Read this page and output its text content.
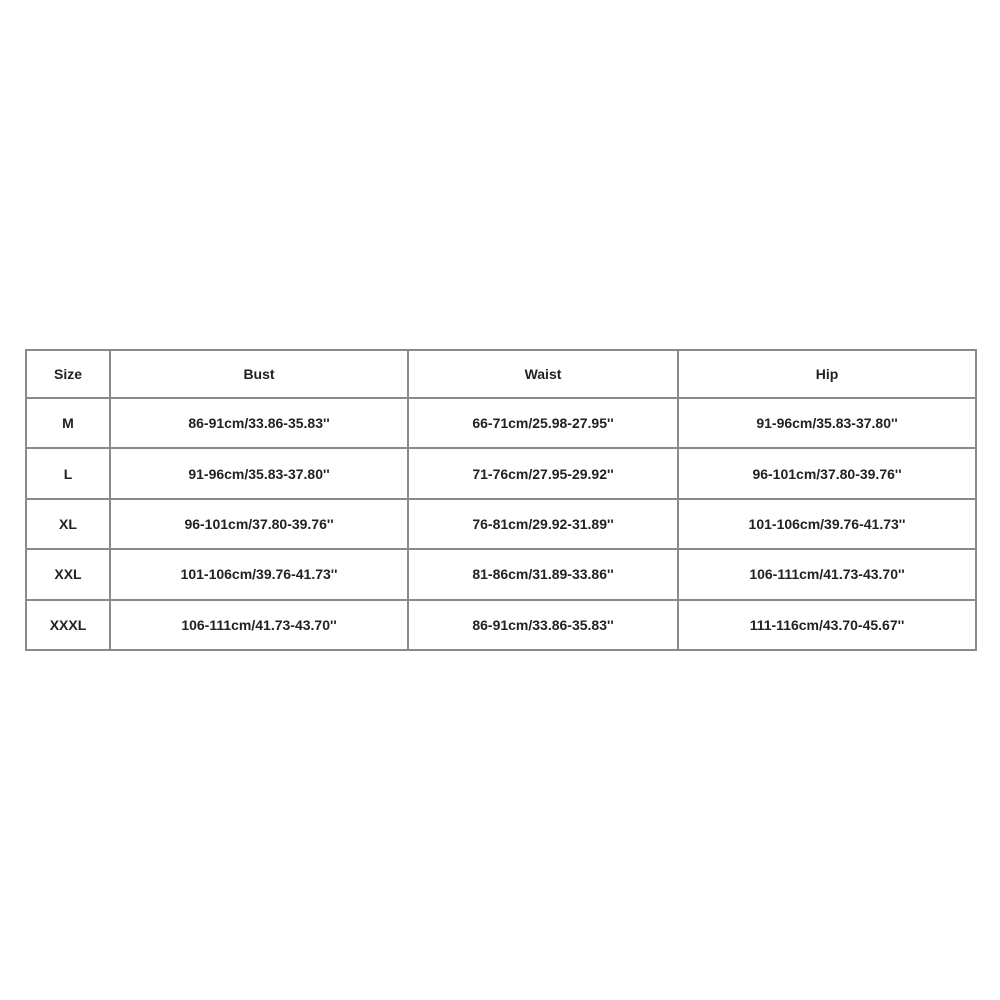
Size	Bust	Waist	Hip
M	86-91cm/33.86-35.83''	66-71cm/25.98-27.95''	91-96cm/35.83-37.80''
L	91-96cm/35.83-37.80''	71-76cm/27.95-29.92''	96-101cm/37.80-39.76''
XL	96-101cm/37.80-39.76''	76-81cm/29.92-31.89''	101-106cm/39.76-41.73''
XXL	101-106cm/39.76-41.73''	81-86cm/31.89-33.86''	106-111cm/41.73-43.70''
XXXL	106-111cm/41.73-43.70''	86-91cm/33.86-35.83''	111-116cm/43.70-45.67''
